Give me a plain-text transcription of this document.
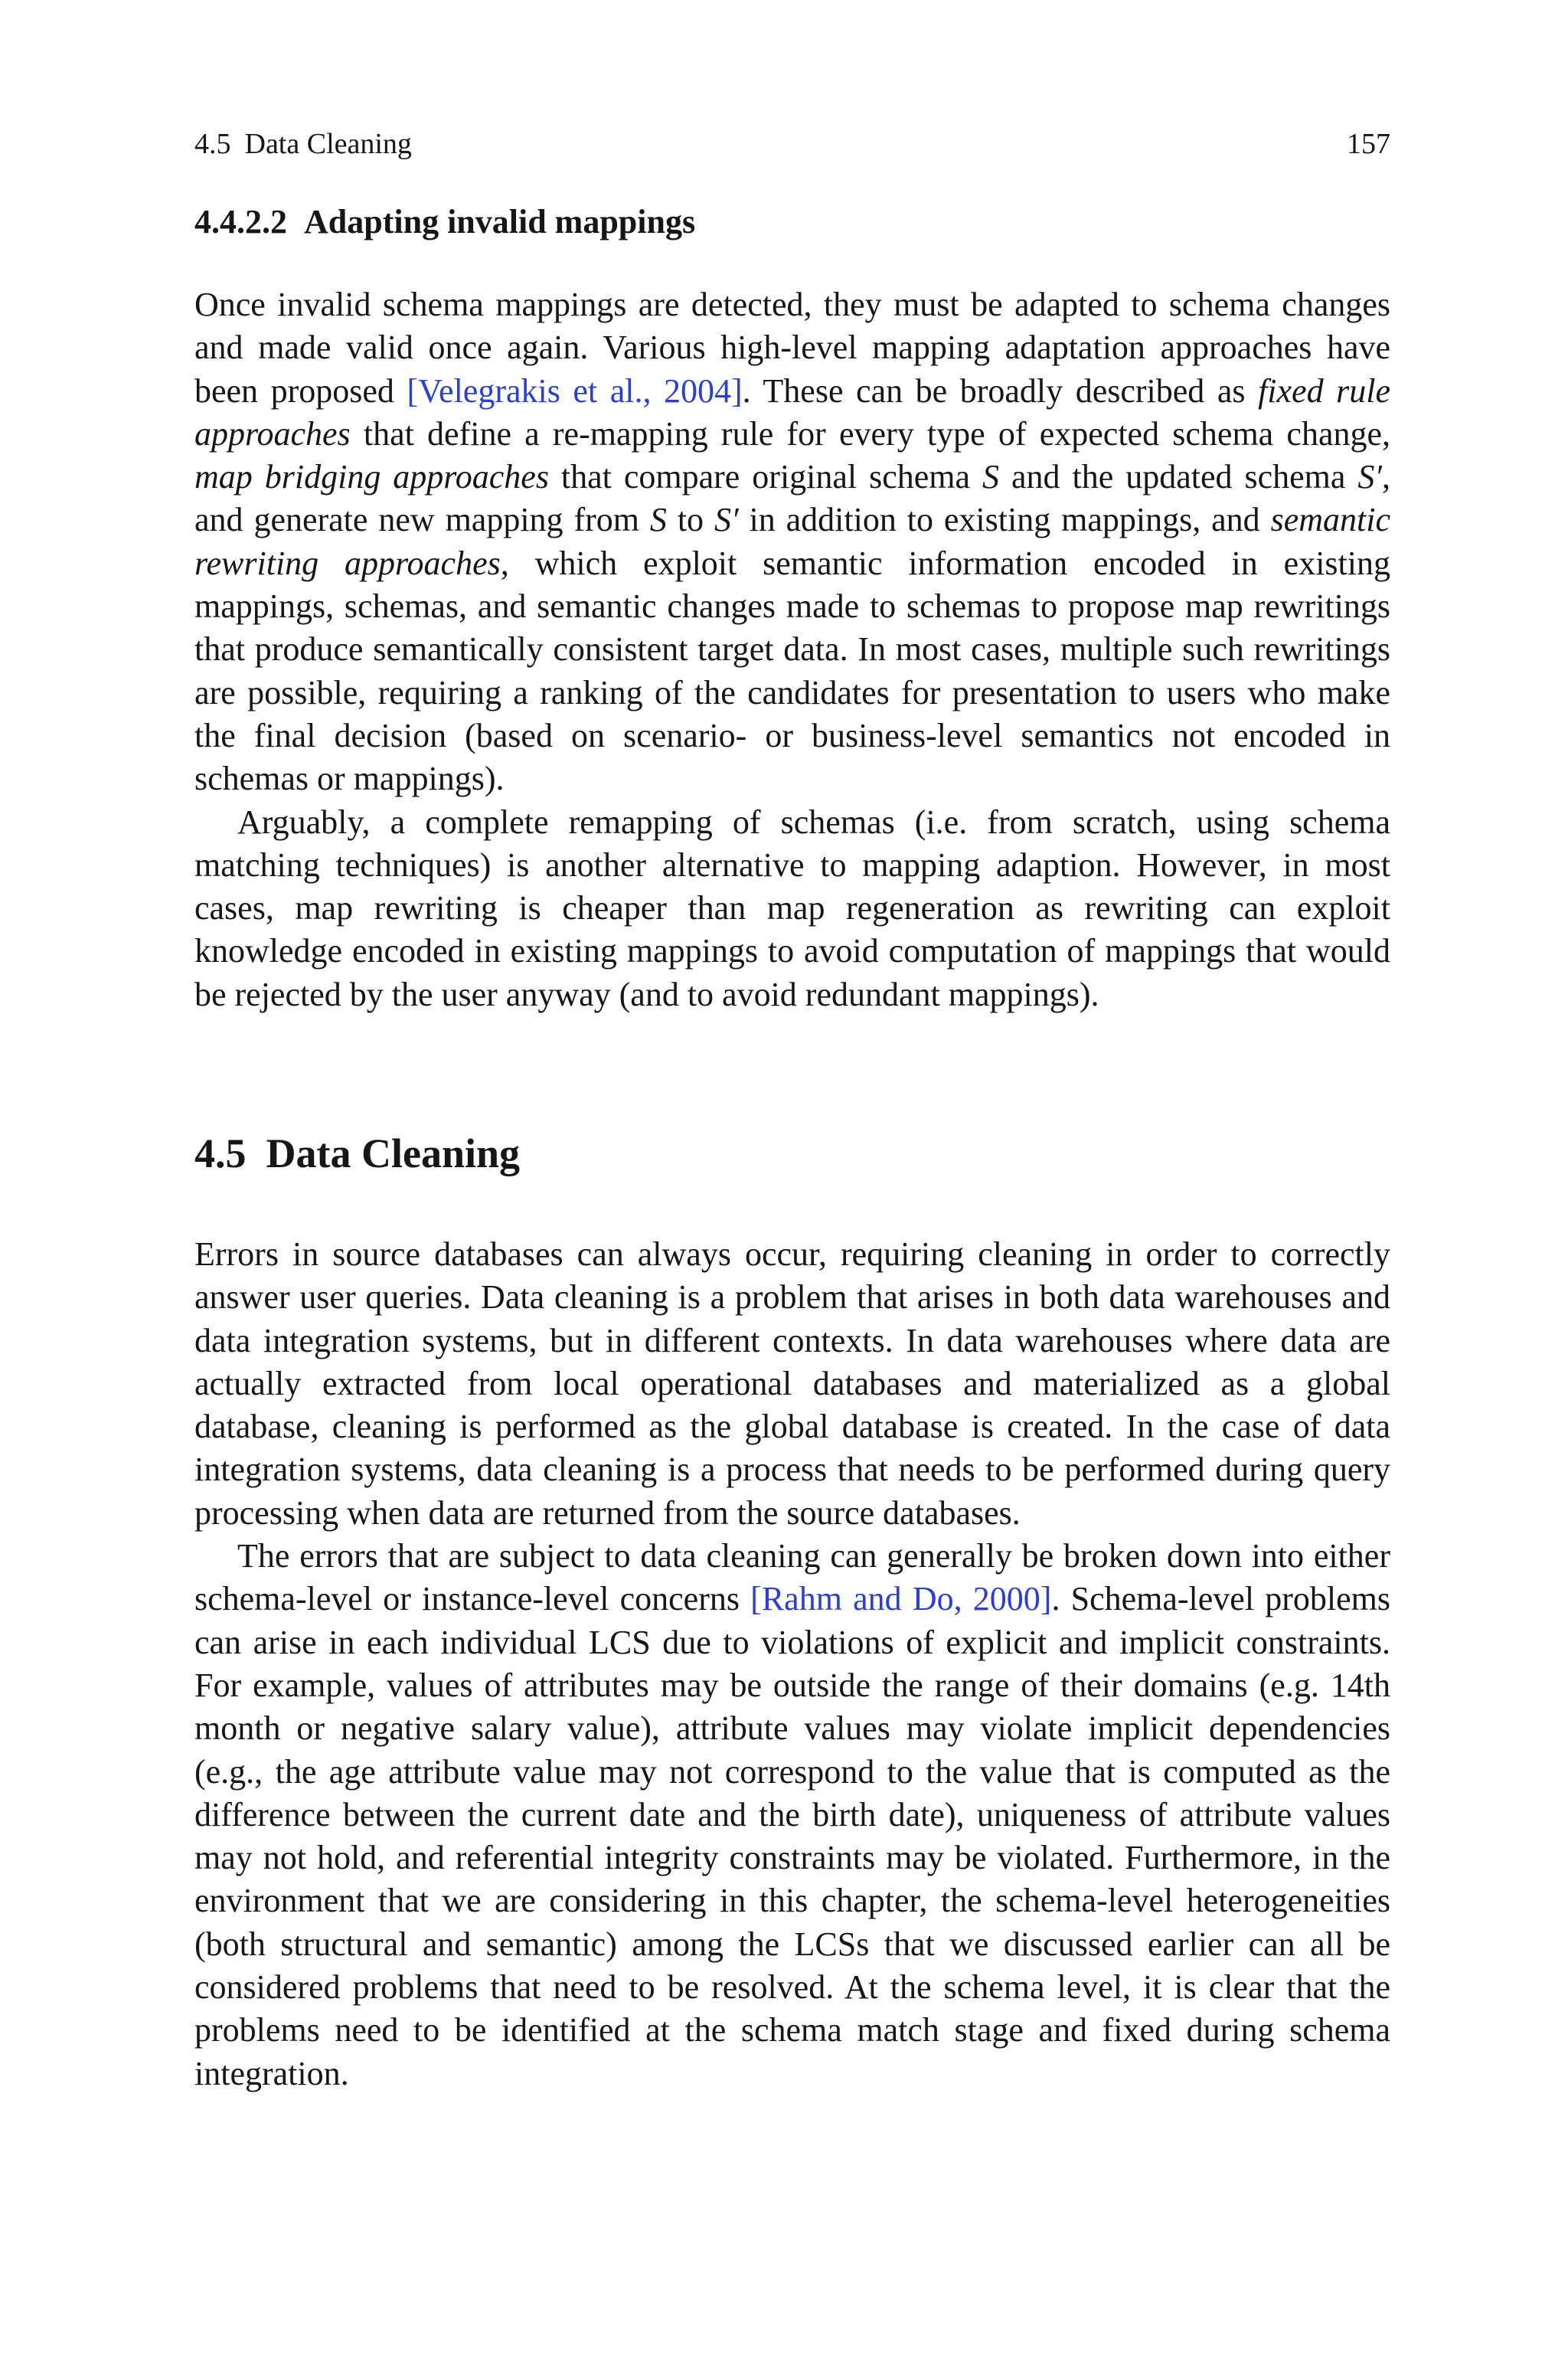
4.5 Data Cleaning	157
4.4.2.2 Adapting invalid mappings

Once invalid schema mappings are detected, they must be adapted to schema changes and made valid once again. Various high-level mapping adaptation approaches have been proposed [Velegrakis et al., 2004]. These can be broadly described as fixed rule approaches that define a re-mapping rule for every type of expected schema change, map bridging approaches that compare original schema S and the updated schema S′, and generate new mapping from S to S′ in addition to existing mappings, and semantic rewriting approaches, which exploit semantic information encoded in existing mappings, schemas, and semantic changes made to schemas to propose map rewritings that produce semantically consistent target data. In most cases, multiple such rewritings are possible, requiring a ranking of the candidates for presentation to users who make the final decision (based on scenario- or business-level semantics not encoded in schemas or mappings).

Arguably, a complete remapping of schemas (i.e. from scratch, using schema matching techniques) is another alternative to mapping adaption. However, in most cases, map rewriting is cheaper than map regeneration as rewriting can exploit knowledge encoded in existing mappings to avoid computation of mappings that would be rejected by the user anyway (and to avoid redundant mappings).

4.5 Data Cleaning

Errors in source databases can always occur, requiring cleaning in order to correctly answer user queries. Data cleaning is a problem that arises in both data warehouses and data integration systems, but in different contexts. In data warehouses where data are actually extracted from local operational databases and materialized as a global database, cleaning is performed as the global database is created. In the case of data integration systems, data cleaning is a process that needs to be performed during query processing when data are returned from the source databases.

The errors that are subject to data cleaning can generally be broken down into either schema-level or instance-level concerns [Rahm and Do, 2000]. Schema-level problems can arise in each individual LCS due to violations of explicit and implicit constraints. For example, values of attributes may be outside the range of their domains (e.g. 14th month or negative salary value), attribute values may violate implicit dependencies (e.g., the age attribute value may not correspond to the value that is computed as the difference between the current date and the birth date), uniqueness of attribute values may not hold, and referential integrity constraints may be violated. Furthermore, in the environment that we are considering in this chapter, the schema-level heterogeneities (both structural and semantic) among the LCSs that we discussed earlier can all be considered problems that need to be resolved. At the schema level, it is clear that the problems need to be identified at the schema match stage and fixed during schema integration.
